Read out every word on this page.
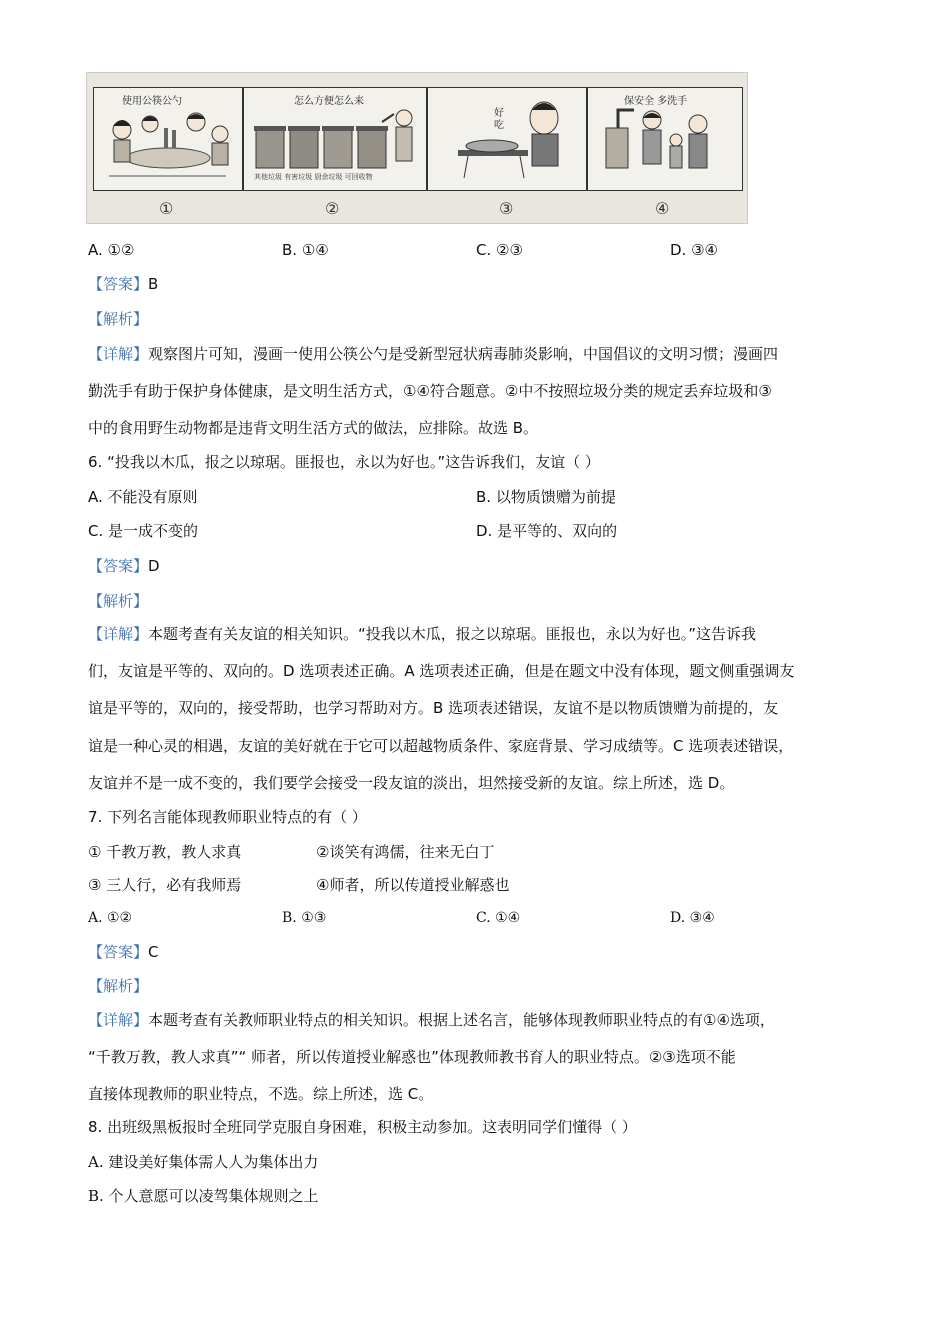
使用公筷公勺	怎么方便怎么来
其他垃圾 有害垃圾 厨余垃圾 可回收物
好吃
保安全 多洗手
①	②	③	④
A. ①②	B. ①④	C. ②③	D. ③④
【答案】B
【解析】
【详解】观察图片可知，漫画一使用公筷公勺是受新型冠状病毒肺炎影响，中国倡议的文明习惯；漫画四
勤洗手有助于保护身体健康，是文明生活方式，①④符合题意。②中不按照垃圾分类的规定丢弃垃圾和③
中的食用野生动物都是违背文明生活方式的做法，应排除。故选 B。
6. “投我以木瓜，报之以琼琚。匪报也，永以为好也。”这告诉我们，友谊（ ）
A. 不能没有原则	B. 以物质馈赠为前提
C. 是一成不变的	D. 是平等的、双向的
【答案】D
【解析】
【详解】本题考查有关友谊的相关知识。“投我以木瓜，报之以琼琚。匪报也，永以为好也。”这告诉我
们，友谊是平等的、双向的。D 选项表述正确。A 选项表述正确，但是在题文中没有体现，题文侧重强调友
谊是平等的，双向的，接受帮助，也学习帮助对方。B 选项表述错误，友谊不是以物质馈赠为前提的，友
谊是一种心灵的相遇，友谊的美好就在于它可以超越物质条件、家庭背景、学习成绩等。C 选项表述错误，
友谊并不是一成不变的，我们要学会接受一段友谊的淡出，坦然接受新的友谊。综上所述，选 D。
7. 下列名言能体现教师职业特点的有（ ）
① 千教万教，教人求真	②谈笑有鸿儒，往来无白丁
③ 三人行，必有我师焉	④师者，所以传道授业解惑也
A. ①②	B. ①③	C. ①④	D. ③④
【答案】C
【解析】
【详解】本题考查有关教师职业特点的相关知识。根据上述名言，能够体现教师职业特点的有①④选项，
“千教万教，教人求真”“ 师者，所以传道授业解惑也”体现教师教书育人的职业特点。②③选项不能
直接体现教师的职业特点，不选。综上所述，选 C。
8. 出班级黑板报时全班同学克服自身困难，积极主动参加。这表明同学们懂得（ ）
A. 建设美好集体需人人为集体出力
B. 个人意愿可以凌驾集体规则之上
